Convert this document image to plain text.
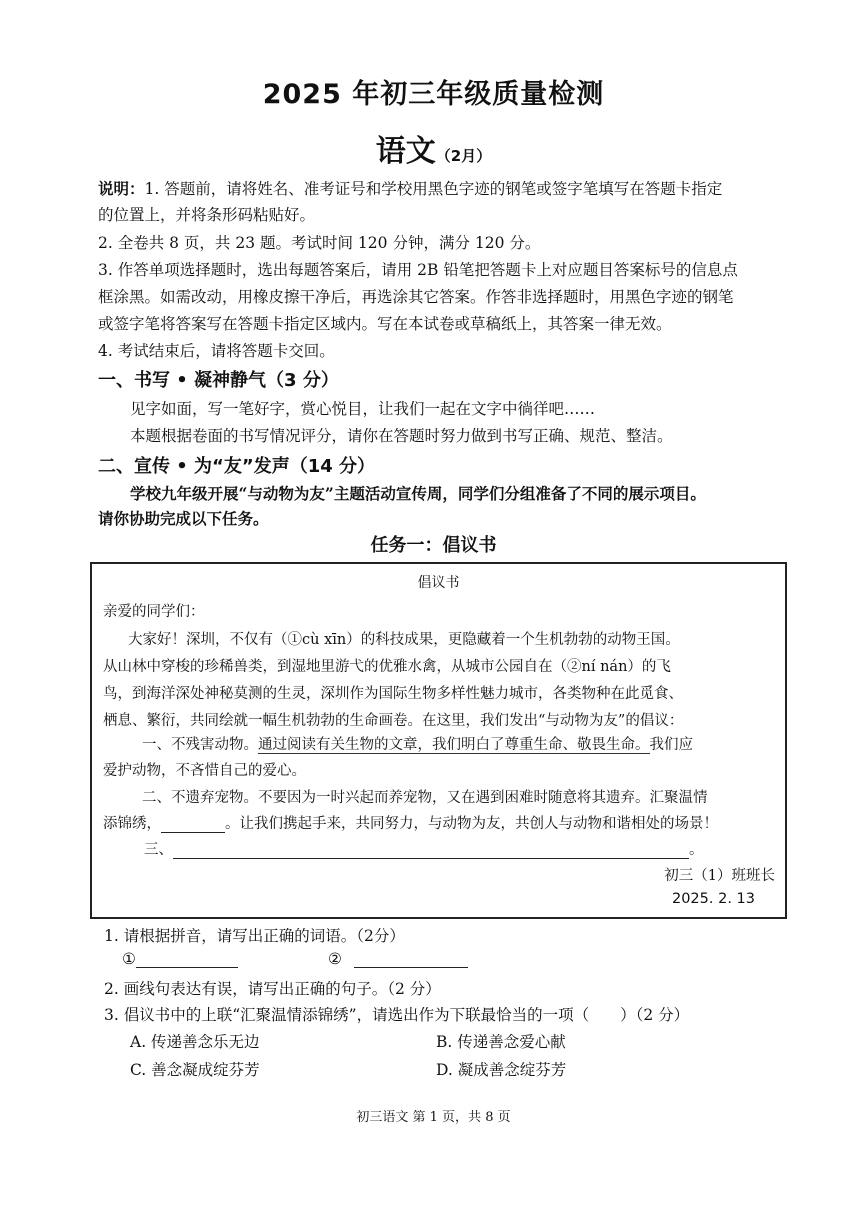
2025 年初三年级质量检测
语文（2月）
说明：1. 答题前，请将姓名、准考证号和学校用黑色字迹的钢笔或签字笔填写在答题卡指定
的位置上，并将条形码粘贴好。
2. 全卷共 8 页，共 23 题。考试时间 120 分钟，满分 120 分。
3. 作答单项选择题时，选出每题答案后，请用 2B 铅笔把答题卡上对应题目答案标号的信息点
框涂黑。如需改动，用橡皮擦干净后，再选涂其它答案。作答非选择题时，用黑色字迹的钢笔
或签字笔将答案写在答题卡指定区域内。写在本试卷或草稿纸上，其答案一律无效。
4. 考试结束后，请将答题卡交回。
一、书写 • 凝神静气（3 分）
见字如面，写一笔好字，赏心悦目，让我们一起在文字中徜徉吧……
本题根据卷面的书写情况评分，请你在答题时努力做到书写正确、规范、整洁。
二、宣传 • 为“友”发声（14 分）
学校九年级开展“与动物为友”主题活动宣传周，同学们分组准备了不同的展示项目。
请你协助完成以下任务。
任务一：倡议书
倡议书
亲爱的同学们：
大家好！深圳，不仅有（①cù xīn）的科技成果，更隐藏着一个生机勃勃的动物王国。
从山林中穿梭的珍稀兽类，到湿地里游弋的优雅水禽，从城市公园自在（②ní nán）的飞
鸟，到海洋深处神秘莫测的生灵，深圳作为国际生物多样性魅力城市，各类物种在此觅食、
栖息、繁衍，共同绘就一幅生机勃勃的生命画卷。在这里，我们发出“与动物为友”的倡议：
一、不残害动物。通过阅读有关生物的文章，我们明白了尊重生命、敬畏生命。我们应
爱护动物，不吝惜自己的爱心。
二、不遗弃宠物。不要因为一时兴起而养宠物，又在遇到困难时随意将其遗弃。汇聚温情
添锦绣，	。让我们携起手来，共同努力，与动物为友，共创人与动物和谐相处的场景！
三、	。
初三（1）班班长
2025. 2. 13
1. 请根据拼音，请写出正确的词语。（2分）
①	②
2. 画线句表达有误，请写出正确的句子。（2 分）
3. 倡议书中的上联“汇聚温情添锦绣”，请选出作为下联最恰当的一项（　　）（2 分）
A. 传递善念乐无边	B. 传递善念爱心献
C. 善念凝成绽芬芳	D. 凝成善念绽芬芳
初三语文 第 1 页，共 8 页
